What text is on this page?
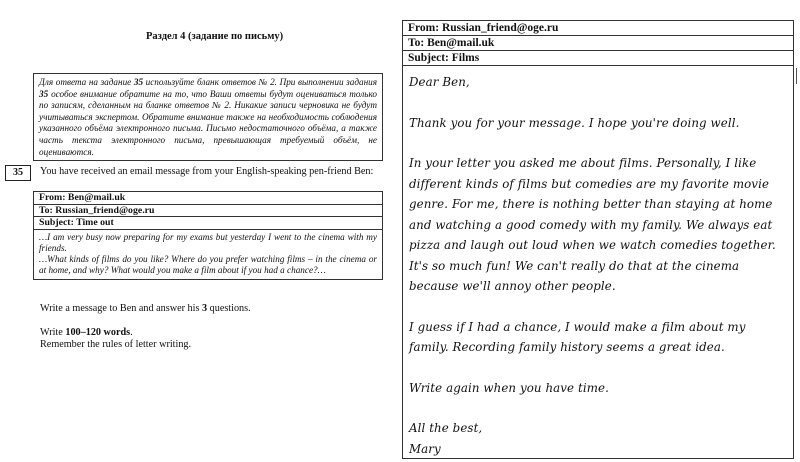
Раздел 4 (задание по письму)
Для ответа на задание 35 используйте бланк ответов № 2. При выполнении задания 35 особое внимание обратите на то, что Ваши ответы будут оцениваться только по записям, сделанным на бланке ответов № 2. Никакие записи черновика не будут учитываться экспертом. Обратите внимание также на необходимость соблюдения указанного объёма электронного письма. Письмо недостаточного объёма, а также часть текста электронного письма, превышающая требуемый объём, не оцениваются.
35	You have received an email message from your English-speaking pen-friend Ben:
From: Ben@mail.uk
To: Russian_friend@oge.ru
Subject: Time out

…I am very busy now preparing for my exams but yesterday I went to the cinema with my friends.

…What kinds of films do you like? Where do you prefer watching films – in the cinema or at home, and why? What would you make a film about if you had a chance?…

Write a message to Ben and answer his 3 questions.
Write 100–120 words.
Remember the rules of letter writing.
From: Russian_friend@oge.ru
To: Ben@mail.uk
Subject: Films

Dear Ben,

Thank you for your message. I hope you're doing well.

In your letter you asked me about films. Personally, I like different kinds of films but comedies are my favorite movie genre. For me, there is nothing better than staying at home and watching a good comedy with my family. We always eat pizza and laugh out loud when we watch comedies together. It's so much fun! We can't really do that at the cinema because we'll annoy other people.

I guess if I had a chance, I would make a film about my family. Recording family history seems a great idea.

Write again when you have time.

All the best,

Mary
